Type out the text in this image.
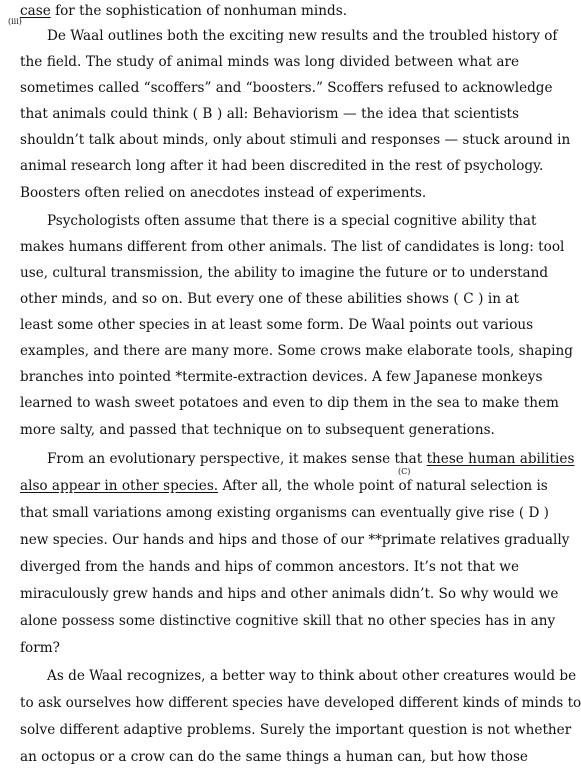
case for the sophistication of nonhuman minds.
(iii)
De Waal outlines both the exciting new results and the troubled history of
the field. The study of animal minds was long divided between what are
sometimes called “scoffers” and “boosters.” Scoffers refused to acknowledge
that animals could think ( B ) all: Behaviorism — the idea that scientists
shouldn’t talk about minds, only about stimuli and responses — stuck around in
animal research long after it had been discredited in the rest of psychology.
Boosters often relied on anecdotes instead of experiments.
Psychologists often assume that there is a special cognitive ability that
makes humans different from other animals. The list of candidates is long: tool
use, cultural transmission, the ability to imagine the future or to understand
other minds, and so on. But every one of these abilities shows ( C ) in at
least some other species in at least some form. De Waal points out various
examples, and there are many more. Some crows make elaborate tools, shaping
branches into pointed *termite-extraction devices. A few Japanese monkeys
learned to wash sweet potatoes and even to dip them in the sea to make them
more salty, and passed that technique on to subsequent generations.
From an evolutionary perspective, it makes sense that these human abilities
(C)
also appear in other species. After all, the whole point of natural selection is
that small variations among existing organisms can eventually give rise ( D )
new species. Our hands and hips and those of our **primate relatives gradually
diverged from the hands and hips of common ancestors. It’s not that we
miraculously grew hands and hips and other animals didn’t. So why would we
alone possess some distinctive cognitive skill that no other species has in any
form?
As de Waal recognizes, a better way to think about other creatures would be
to ask ourselves how different species have developed different kinds of minds to
solve different adaptive problems. Surely the important question is not whether
an octopus or a crow can do the same things a human can, but how those
